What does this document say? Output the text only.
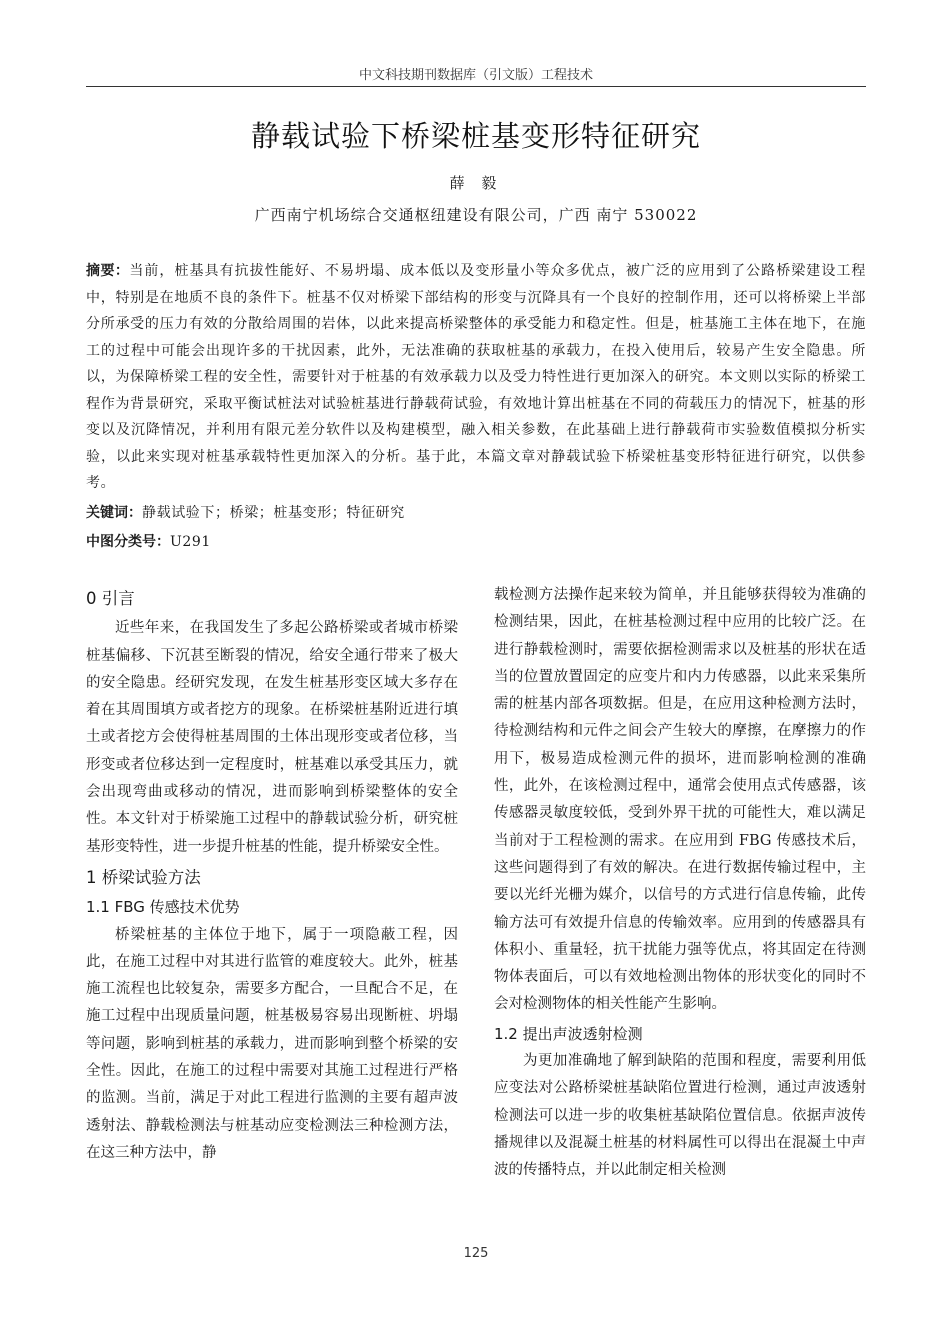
中文科技期刊数据库（引文版）工程技术
静载试验下桥梁桩基变形特征研究
薛 毅
广西南宁机场综合交通枢纽建设有限公司，广西 南宁 530022
摘要：当前，桩基具有抗拔性能好、不易坍塌、成本低以及变形量小等众多优点，被广泛的应用到了公路桥梁建设工程中，特别是在地质不良的条件下。桩基不仅对桥梁下部结构的形变与沉降具有一个良好的控制作用，还可以将桥梁上半部分所承受的压力有效的分散给周围的岩体，以此来提高桥梁整体的承受能力和稳定性。但是，桩基施工主体在地下，在施工的过程中可能会出现许多的干扰因素，此外，无法准确的获取桩基的承载力，在投入使用后，较易产生安全隐患。所以，为保障桥梁工程的安全性，需要针对于桩基的有效承载力以及受力特性进行更加深入的研究。本文则以实际的桥梁工程作为背景研究，采取平衡试桩法对试验桩基进行静载荷试验，有效地计算出桩基在不同的荷载压力的情况下，桩基的形变以及沉降情况，并利用有限元差分软件以及构建模型，融入相关参数，在此基础上进行静载荷市实验数值模拟分析实验，以此来实现对桩基承载特性更加深入的分析。基于此，本篇文章对静载试验下桥梁桩基变形特征进行研究，以供参考。
关键词：静载试验下；桥梁；桩基变形；特征研究
中图分类号：U291
0 引言

近些年来，在我国发生了多起公路桥梁或者城市桥梁桩基偏移、下沉甚至断裂的情况，给安全通行带来了极大的安全隐患。经研究发现，在发生桩基形变区域大多存在着在其周围填方或者挖方的现象。在桥梁桩基附近进行填土或者挖方会使得桩基周围的土体出现形变或者位移，当形变或者位移达到一定程度时，桩基难以承受其压力，就会出现弯曲或移动的情况，进而影响到桥梁整体的安全性。本文针对于桥梁施工过程中的静载试验分析，研究桩基形变特性，进一步提升桩基的性能，提升桥梁安全性。

1 桥梁试验方法
1.1 FBG 传感技术优势

桥梁桩基的主体位于地下，属于一项隐蔽工程，因此，在施工过程中对其进行监管的难度较大。此外，桩基施工流程也比较复杂，需要多方配合，一旦配合不足，在施工过程中出现质量问题，桩基极易容易出现断桩、坍塌等问题，影响到桩基的承载力，进而影响到整个桥梁的安全性。因此，在施工的过程中需要对其施工过程进行严格的监测。当前，满足于对此工程进行监测的主要有超声波透射法、静载检测法与桩基动应变检测法三种检测方法，在这三种方法中，静

载检测方法操作起来较为简单，并且能够获得较为准确的检测结果，因此，在桩基检测过程中应用的比较广泛。在进行静载检测时，需要依据检测需求以及桩基的形状在适当的位置放置固定的应变片和内力传感器，以此来采集所需的桩基内部各项数据。但是，在应用这种检测方法时，待检测结构和元件之间会产生较大的摩擦，在摩擦力的作用下，极易造成检测元件的损坏，进而影响检测的准确性，此外，在该检测过程中，通常会使用点式传感器，该传感器灵敏度较低，受到外界干扰的可能性大，难以满足当前对于工程检测的需求。在应用到 FBG 传感技术后，这些问题得到了有效的解决。在进行数据传输过程中，主要以光纤光栅为媒介，以信号的方式进行信息传输，此传输方法可有效提升信息的传输效率。应用到的传感器具有体积小、重量轻，抗干扰能力强等优点，将其固定在待测物体表面后，可以有效地检测出物体的形状变化的同时不会对检测物体的相关性能产生影响。

1.2 提出声波透射检测

为更加准确地了解到缺陷的范围和程度，需要利用低应变法对公路桥梁桩基缺陷位置进行检测，通过声波透射检测法可以进一步的收集桩基缺陷位置信息。依据声波传播规律以及混凝土桩基的材料属性可以得出在混凝土中声波的传播特点，并以此制定相关检测

125
